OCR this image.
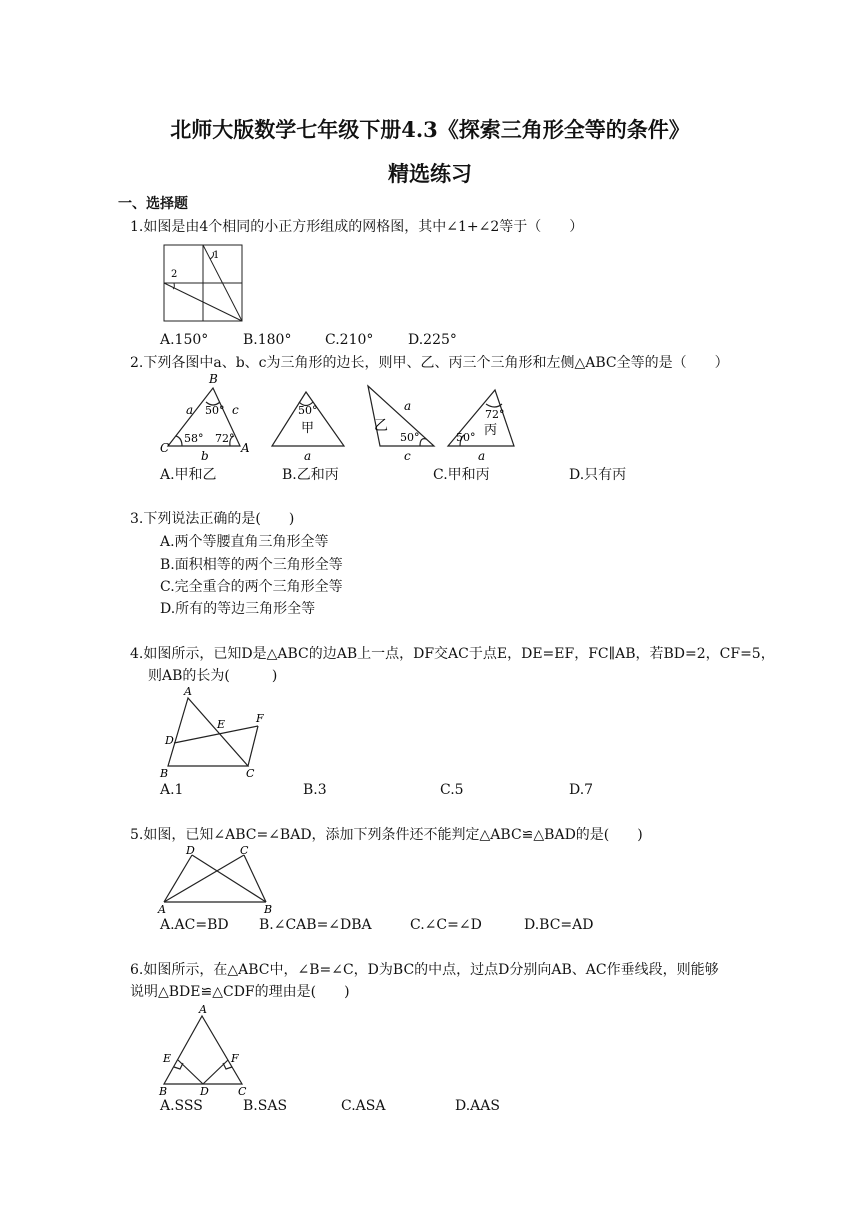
北师大版数学七年级下册4.3《探索三角形全等的条件》
精选练习
一、选择题
1.如图是由4个相同的小正方形组成的网格图，其中∠1+∠2等于（　　）
1
2
A.150° B.180° C.210° D.225°
2.下列各图中a、b、c为三角形的边长，则甲、乙、丙三个三角形和左侧△ABC全等的是（　　）
B
C	A
a
b
c
50°
58° 72°
50°
甲
a
乙
a
50°
c
72°
丙
50°
a
A.甲和乙	B.乙和丙	C.甲和丙	D.只有丙
3.下列说法正确的是(　　)
A.两个等腰直角三角形全等
B.面积相等的两个三角形全等
C.完全重合的两个三角形全等
D.所有的等边三角形全等
4.如图所示，已知D是△ABC的边AB上一点，DF交AC于点E，DE=EF，FC∥AB，若BD=2，CF=5，
则AB的长为(　　　)
A
E	F
D
B	C
A.1	B.3	C.5	D.7
5.如图，已知∠ABC=∠BAD，添加下列条件还不能判定△ABC≌△BAD的是(　　)
D	C
A	B
A.AC=BD B.∠CAB=∠DBA	C.∠C=∠D	D.BC=AD
6.如图所示，在△ABC中，∠B=∠C，D为BC的中点，过点D分别向AB、AC作垂线段，则能够
说明△BDE≌△CDF的理由是(　　)
A
E	F
B	D	C
A.SSS	B.SAS	C.ASA	D.AAS
